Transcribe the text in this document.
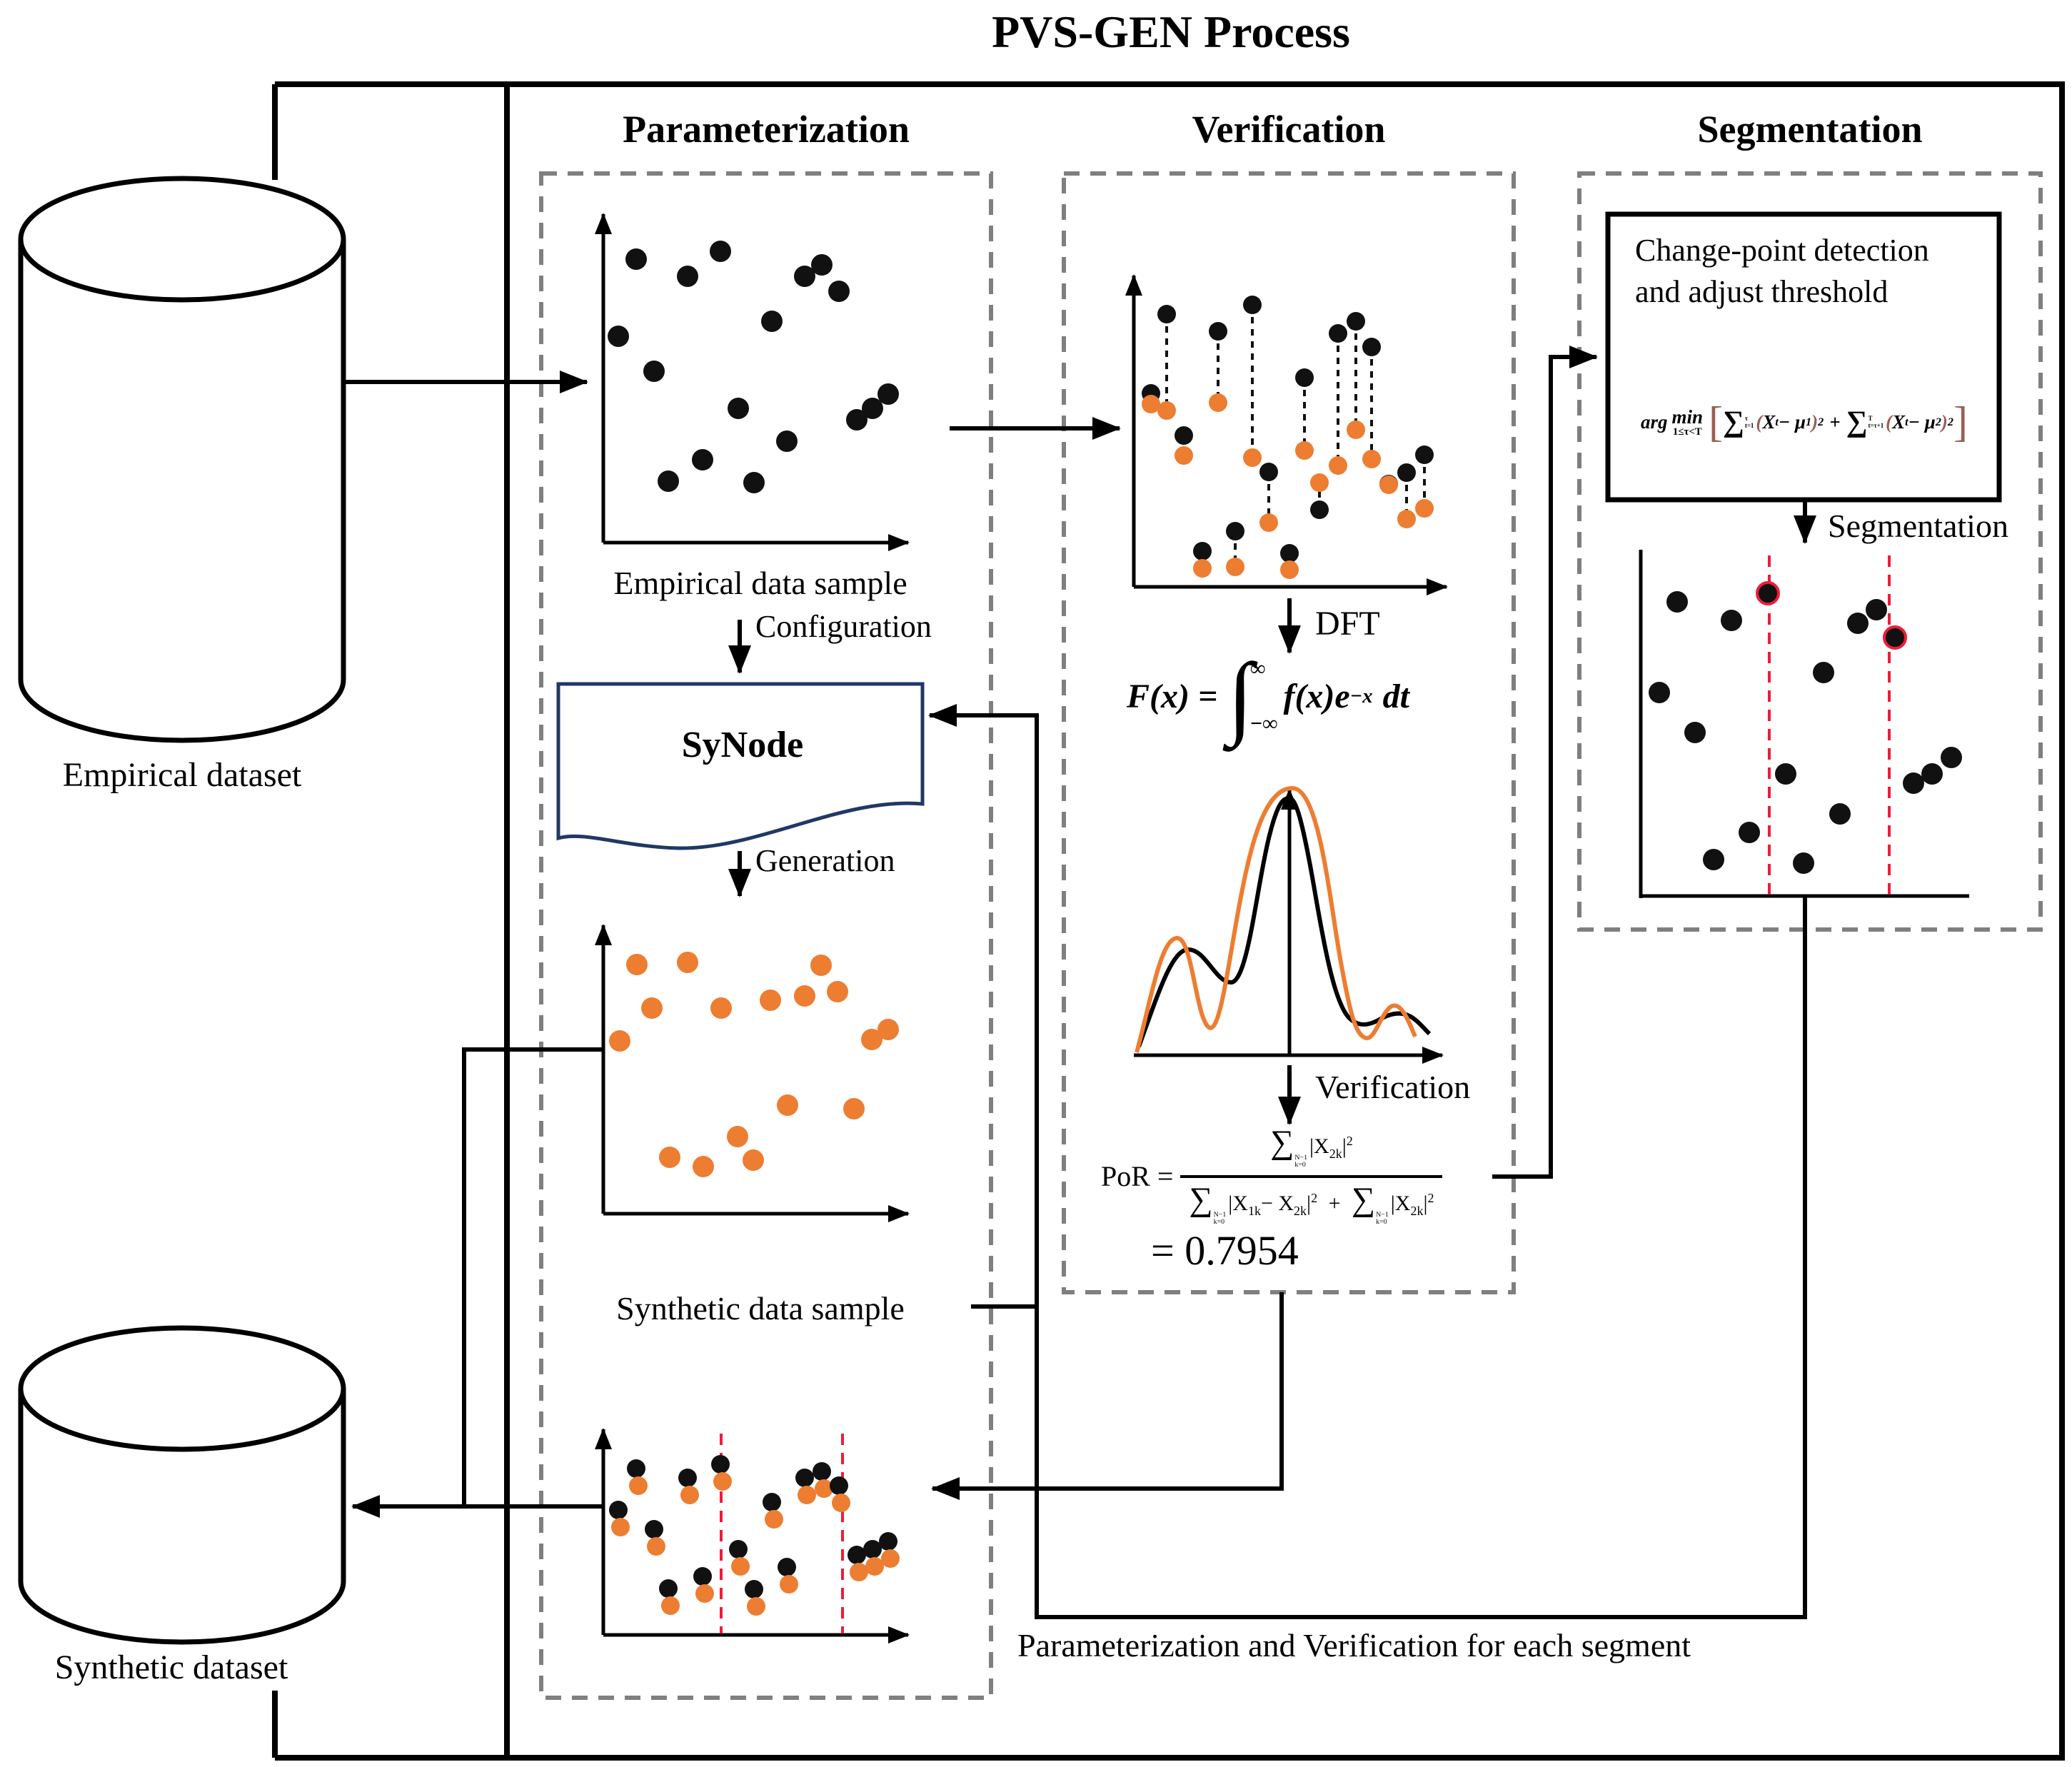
PVS-GEN Process
Parameterization	Verification	Segmentation
Empirical dataset
Synthetic dataset
Empirical data sample
Synthetic data sample
Configuration
Generation
SyNode
DFT
Verification
Segmentation
Change-point detection
and adjust threshold
arg min
1≤τ<T [ ∑ τ
t=1 ( X t − μ 1 ) 2 + ∑ T
t=τ+1 ( X t − μ 2 ) 2 ]
F(x) = ∫
∞
−∞
f(x)e −x dt
PoR = ∑ N−1
k=0
$|X_{2k}|^2$
∑ N−1
k=0
$|X_{1k}- X_{2k}|^2$ + ∑ N−1
k=0
$|X_{2k}|^2$
= 0.7954
Parameterization and Verification for each segment
